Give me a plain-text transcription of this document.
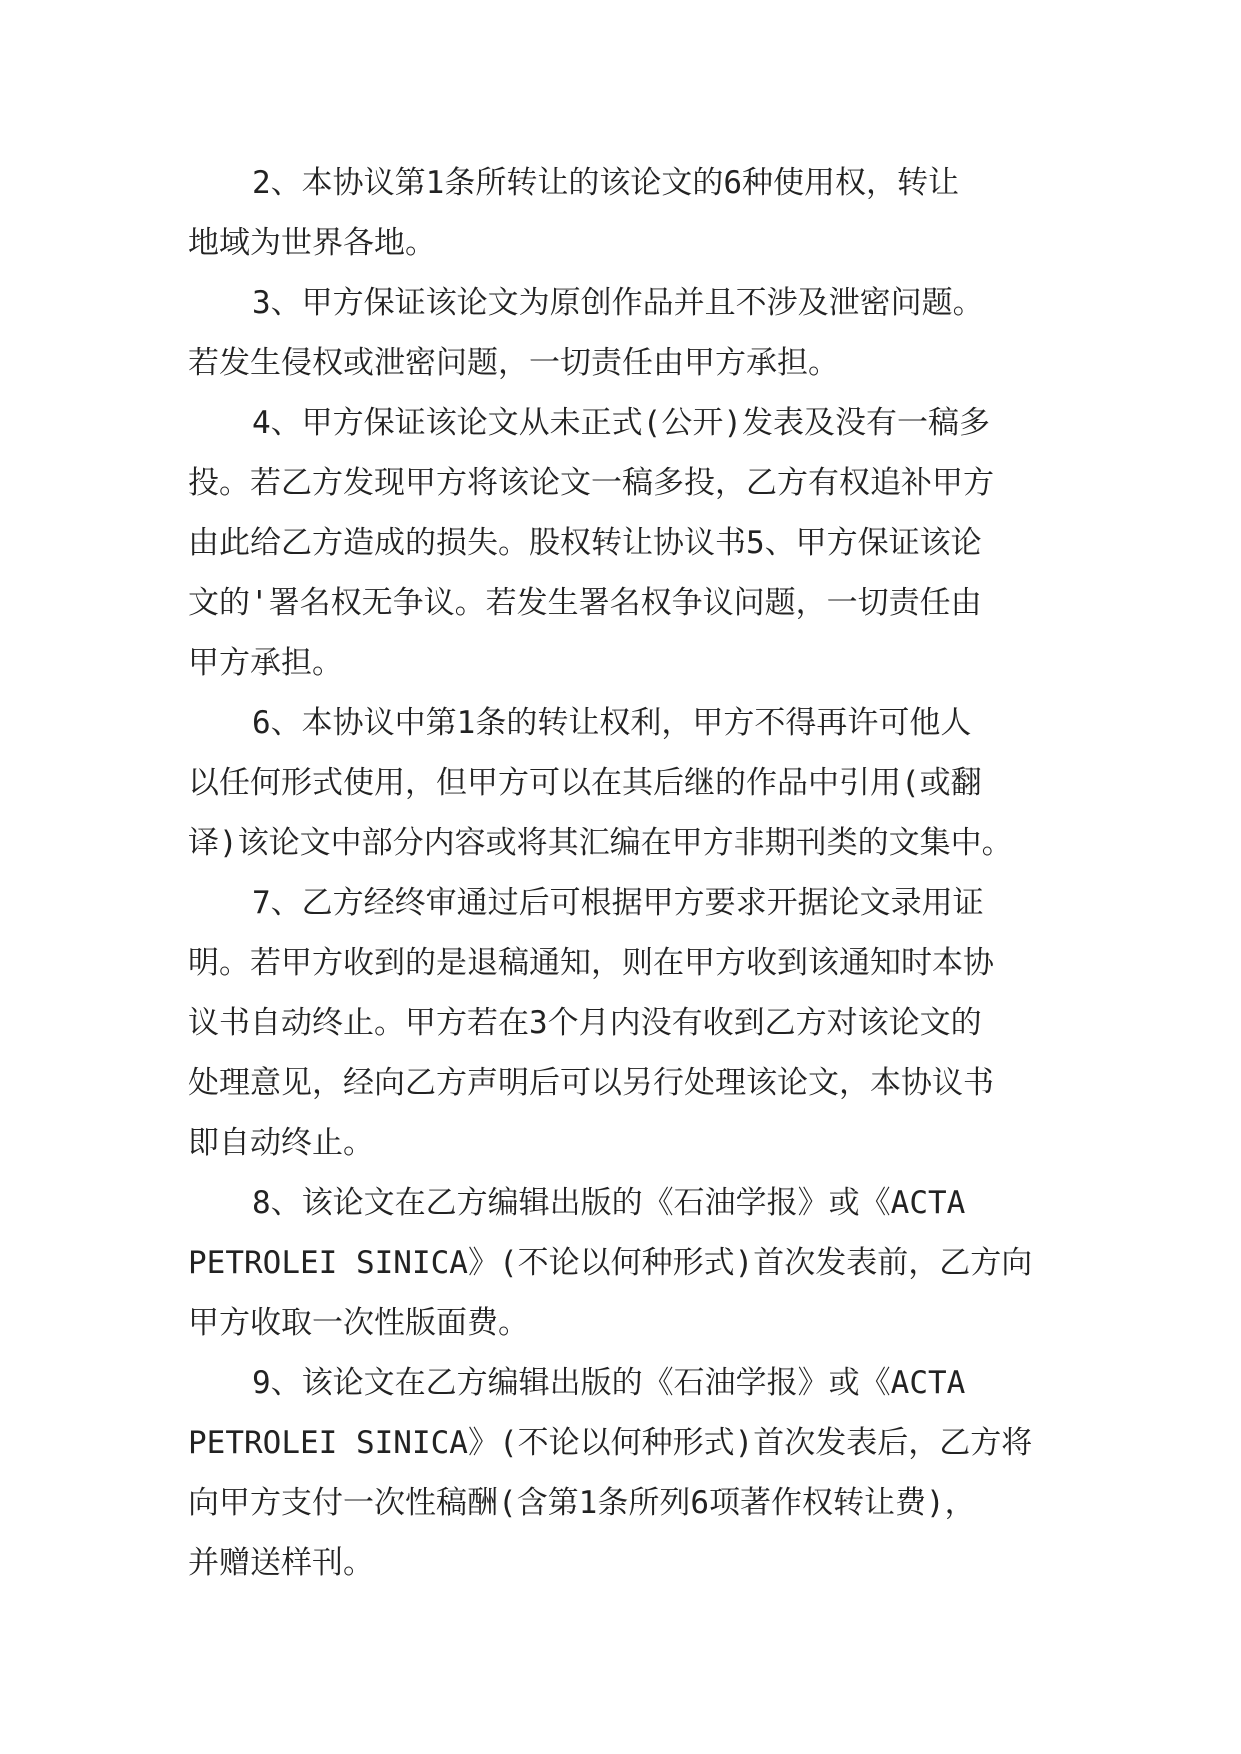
2、本协议第1条所转让的该论文的6种使用权，转让
地域为世界各地。
3、甲方保证该论文为原创作品并且不涉及泄密问题。
若发生侵权或泄密问题，一切责任由甲方承担。
4、甲方保证该论文从未正式(公开)发表及没有一稿多
投。若乙方发现甲方将该论文一稿多投，乙方有权追补甲方
由此给乙方造成的损失。股权转让协议书5、甲方保证该论
文的'署名权无争议。若发生署名权争议问题，一切责任由
甲方承担。
6、本协议中第1条的转让权利，甲方不得再许可他人
以任何形式使用，但甲方可以在其后继的作品中引用(或翻
译)该论文中部分内容或将其汇编在甲方非期刊类的文集中。
7、乙方经终审通过后可根据甲方要求开据论文录用证
明。若甲方收到的是退稿通知，则在甲方收到该通知时本协
议书自动终止。甲方若在3个月内没有收到乙方对该论文的
处理意见，经向乙方声明后可以另行处理该论文，本协议书
即自动终止。
8、该论文在乙方编辑出版的《石油学报》或《ACTA
PETROLEI SINICA》(不论以何种形式)首次发表前，乙方向
甲方收取一次性版面费。
9、该论文在乙方编辑出版的《石油学报》或《ACTA
PETROLEI SINICA》(不论以何种形式)首次发表后，乙方将
向甲方支付一次性稿酬(含第1条所列6项著作权转让费)，
并赠送样刊。
